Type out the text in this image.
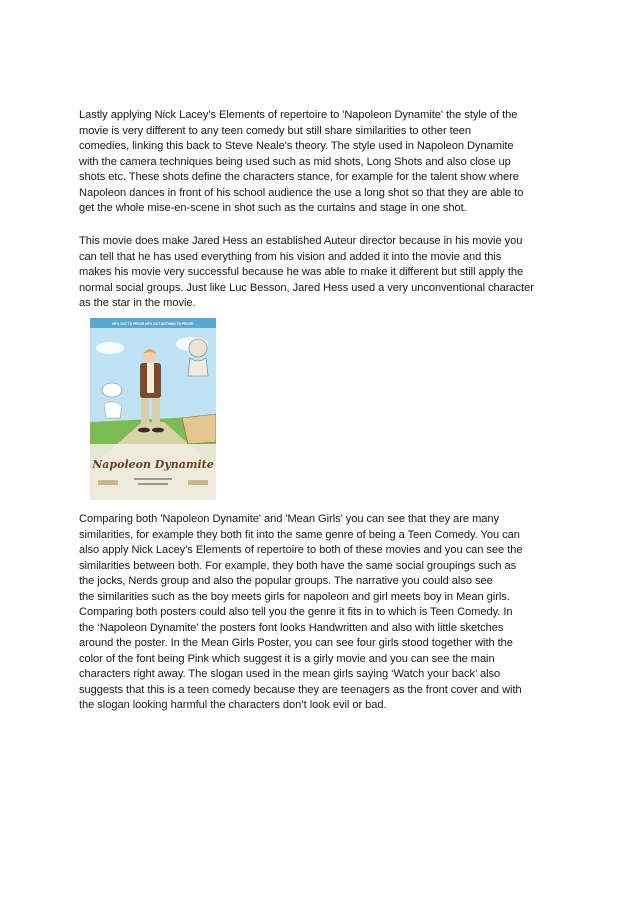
Lastly applying Nick Lacey's Elements of repertoire to 'Napoleon Dynamite' the style of the
movie is very different to any teen comedy but still share similarities to other teen
comedies, linking this back to Steve Neale's theory. The style used in Napoleon Dynamite
with the camera techniques being used such as mid shots, Long Shots and also close up
shots etc. These shots define the characters stance, for example for the talent show where
Napoleon dances in front of his school audience the use a long shot so that they are able to
get the whole mise-en-scene in shot such as the curtains and stage in one shot.
This movie does make Jared Hess an established Auteur director because in his movie you
can tell that he has used everything from his vision and added it into the movie and this
makes his movie very successful because he was able to make it different but still apply the
normal social groups. Just like Luc Besson, Jared Hess used a very unconventional character
as the star in the movie.
HE'S OUT TO PROVE HE'S GOT NOTHING TO PROVE.
Napoleon Dynamite
Comparing both 'Napoleon Dynamite' and 'Mean Girls' you can see that they are many
similarities, for example they both fit into the same genre of being a Teen Comedy. You can
also apply Nick Lacey's Elements of repertoire to both of these movies and you can see the
similarities between both. For example, they both have the same social groupings such as
the jocks, Nerds group and also the popular groups. The narrative you could also see
the similarities such as the boy meets girls for napoleon and girl meets boy in Mean girls.
Comparing both posters could also tell you the genre it fits in to which is Teen Comedy. In
the ‘Napoleon Dynamite’ the posters font looks Handwritten and also with little sketches
around the poster. In the Mean Girls Poster, you can see four girls stood together with the
color of the font being Pink which suggest it is a girly movie and you can see the main
characters right away. The slogan used in the mean girls saying ‘Watch your back’ also
suggests that this is a teen comedy because they are teenagers as the front cover and with
the slogan looking harmful the characters don’t look evil or bad.
